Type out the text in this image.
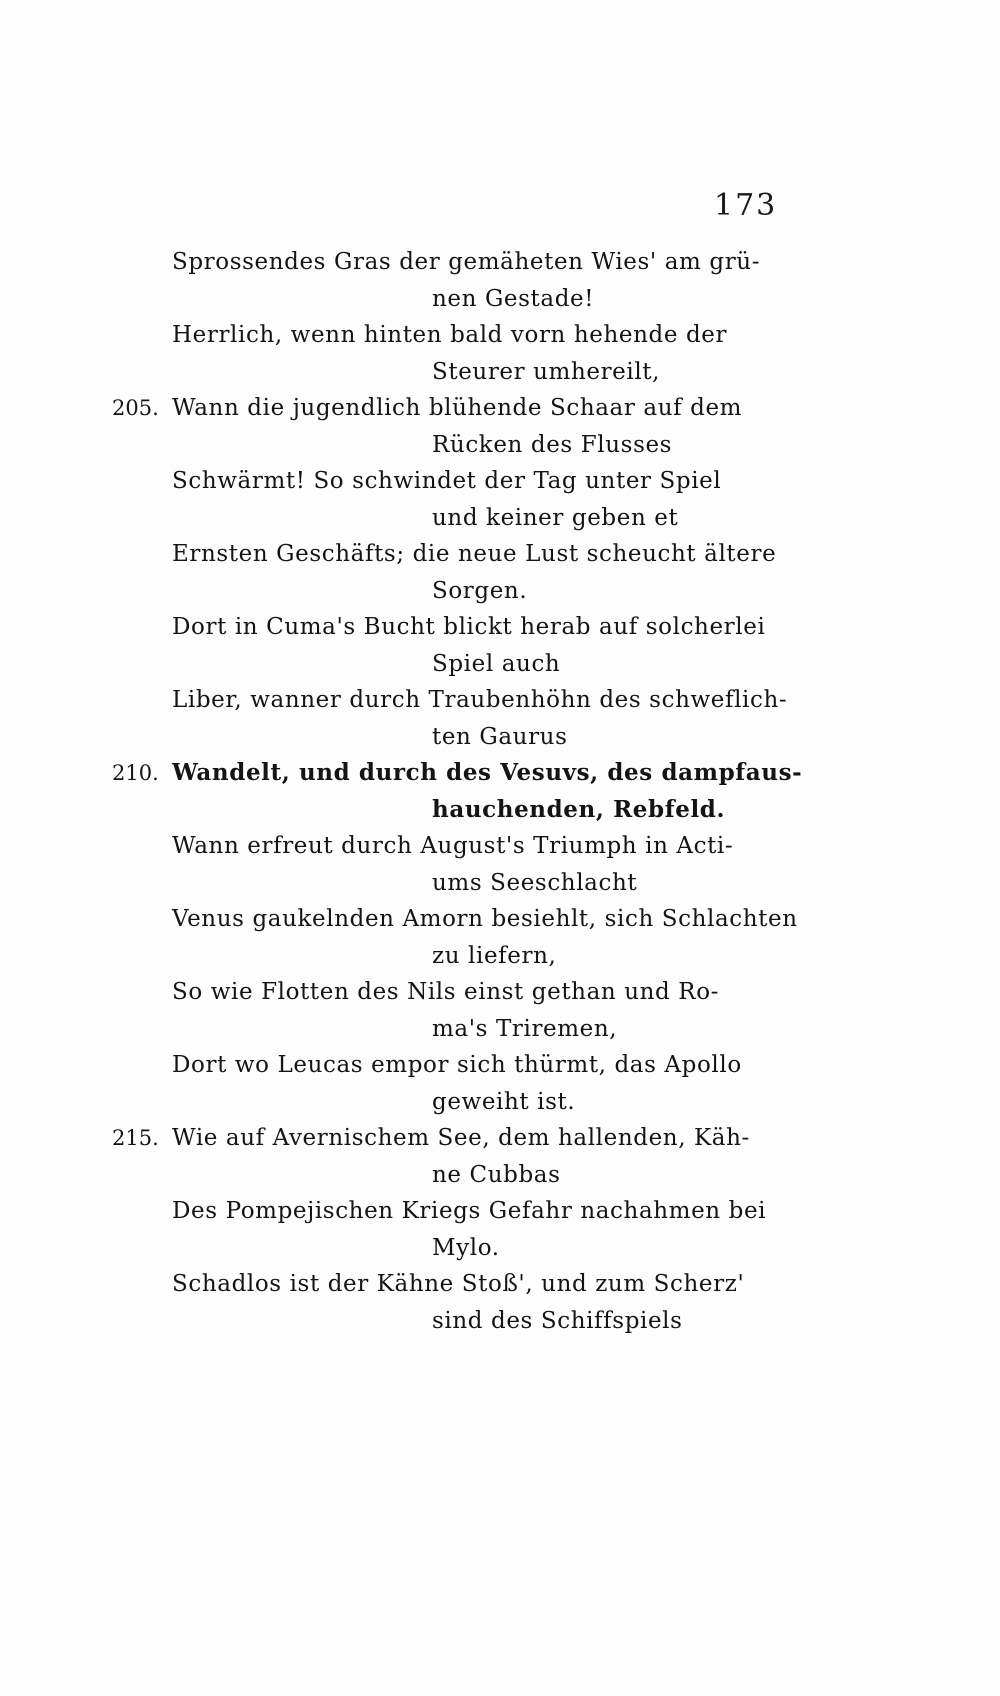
173
Sprossendes Gras der gemäheten Wies' am grü-
nen Gestade!
Herrlich, wenn hinten bald vorn hehende der
Steurer umhereilt,
205. Wann die jugendlich blühende Schaar auf dem
Rücken des Flusses
Schwärmt! So schwindet der Tag unter Spiel
und keiner geben et
Ernsten Geschäfts; die neue Lust scheucht ältere
Sorgen.
Dort in Cuma's Bucht blickt herab auf solcherlei
Spiel auch
Liber, wanner durch Traubenhöhn des schweflich-
ten Gaurus
210. Wandelt, und durch des Vesuvs, des dampfaus-
hauchenden, Rebfeld.
Wann erfreut durch August's Triumph in Acti-
ums Seeschlacht
Venus gaukelnden Amorn besiehlt, sich Schlachten
zu liefern,
So wie Flotten des Nils einst gethan und Ro-
ma's Triremen,
Dort wo Leucas empor sich thürmt, das Apollo
geweiht ist.
215. Wie auf Avernischem See, dem hallenden, Käh-
ne Cubbas
Des Pompejischen Kriegs Gefahr nachahmen bei
Mylo.
Schadlos ist der Kähne Stoß', und zum Scherz'
sind des Schiffspiels
